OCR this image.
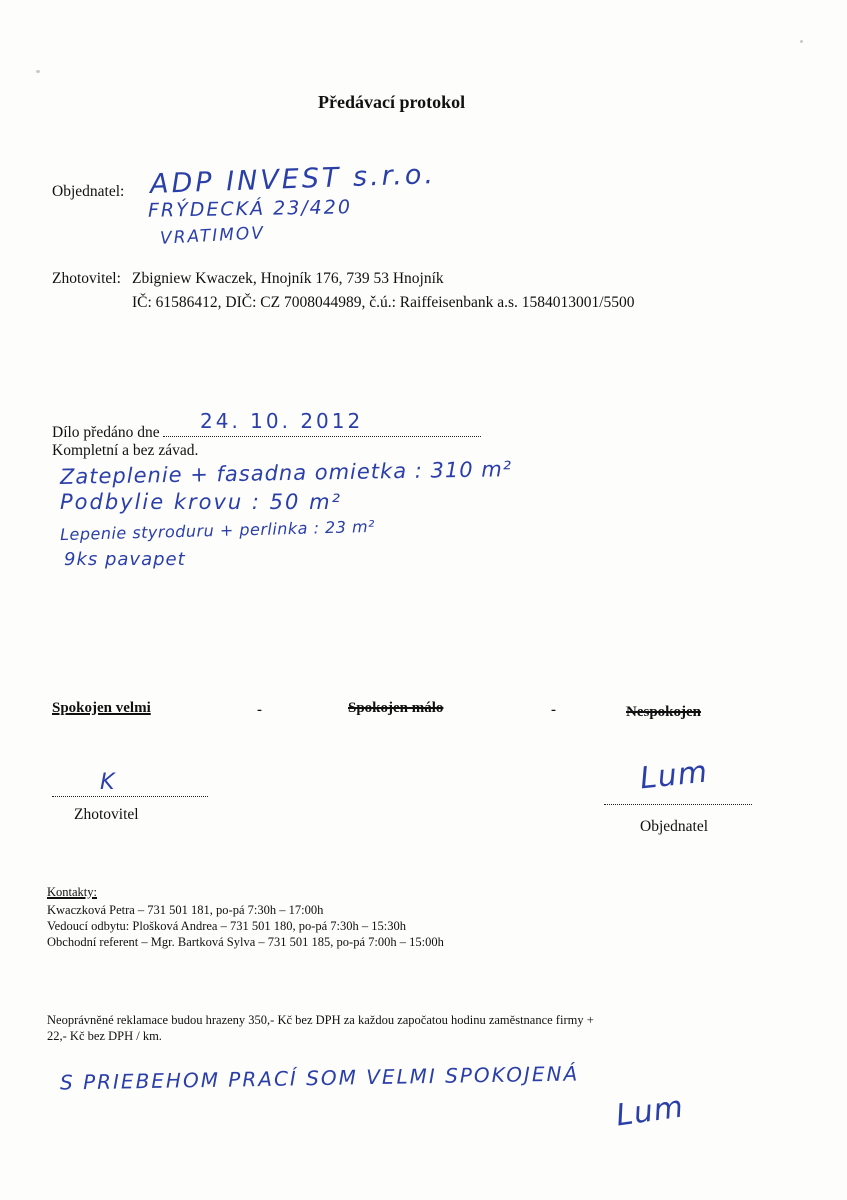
Předávací protokol
Objednatel: ADP INVEST s.r.o.
FRÝDECKÁ 23/420
VRATIMOV
Zhotovitel: Zbigniew Kwaczek, Hnojník 176, 739 53 Hnojník
IČ: 61586412, DIČ: CZ 7008044989, č.ú.: Raiffeisenbank a.s. 1584013001/5500
Dílo předáno dne	24. 10. 2012
Kompletní a bez závad.
Zateplenie + fasadna omietka : 310 m²
Podbylie krovu : 50 m²
Lepenie styroduru + perlinka : 23 m²
9ks pavapet
Spokojen velmi	-	Spokojen málo	-	Nespokojen
K
Zhotovitel
Lum
Objednatel
Kontakty:
Kwaczková Petra – 731 501 181, po-pá 7:30h – 17:00h
Vedoucí odbytu: Plošková Andrea – 731 501 180, po-pá 7:30h – 15:30h
Obchodní referent – Mgr. Bartková Sylva – 731 501 185, po-pá 7:00h – 15:00h
Neoprávněné reklamace budou hrazeny 350,- Kč bez DPH za každou započatou hodinu zaměstnance firmy +
22,- Kč bez DPH / km.
S PRIEBEHOM PRACÍ SOM VELMI SPOKOJENÁ
Lum
